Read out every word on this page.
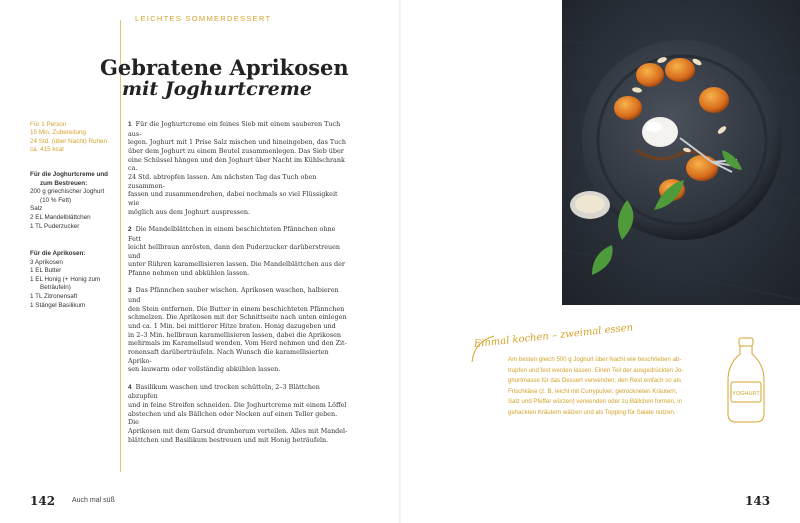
LEICHTES SOMMERDESSERT
Gebratene Aprikosen
mit Joghurtcreme
Für 1 Person
15 Min. Zubereitung
24 Std. (über Nacht) Ruhen
ca. 415 kcal
Für die Joghurtcreme und
zum Bestreuen:
200 g griechischer Joghurt
(10 % Fett)
Salz
2 EL Mandelblättchen
1 TL Puderzucker
Für die Aprikosen:
3 Aprikosen
1 EL Butter
1 EL Honig (+ Honig zum
Beträufeln)
1 TL Zitronensaft
1 Stängel Basilikum

1 Für die Joghurtcreme ein feines Sieb mit einem sauberen Tuch aus-
legen. Joghurt mit 1 Prise Salz mischen und hineingeben, das Tuch
über dem Joghurt zu einem Beutel zusammenlegen. Das Sieb über
eine Schüssel hängen und den Joghurt über Nacht im Kühlschrank ca.
24 Std. abtropfen lassen. Am nächsten Tag das Tuch oben zusammen-
fassen und zusammendrehen, dabei nochmals so viel Flüssigkeit wie
möglich aus dem Joghurt auspressen.

2 Die Mandelblättchen in einem beschichteten Pfännchen ohne Fett
leicht hellbraun anrösten, dann den Puderzucker darüberstreuen und
unter Rühren karamellisieren lassen. Die Mandelblättchen aus der
Pfanne nehmen und abkühlen lassen.

3 Das Pfännchen sauber wischen. Aprikosen waschen, halbieren und
den Stein entfernen. Die Butter in einem beschichteten Pfännchen
schmelzen. Die Aprikosen mit der Schnittseite nach unten einlegen
und ca. 1 Min. bei mittlerer Hitze braten. Honig dazugeben und
in 2–3 Min. hellbraun karamellisieren lassen, dabei die Aprikosen
mehrmals im Karamellsud wenden. Vom Herd nehmen und den Zit-
ronensaft darüberträufeln. Nach Wunsch die karamellisierten Aprikо-
sen lauwarm oder vollständig abkühlen lassen.

4 Basilikum waschen und trocken schütteln, 2–3 Blättchen abzupfen
und in feine Streifen schneiden. Die Joghurtcreme mit einem Löffel
abstechen und als Bällchen oder Nocken auf einen Teller geben. Die
Aprikosen mit dem Garsud drumherum verteilen. Alles mit Mandel-
blättchen und Basilikum bestreuen und mit Honig beträufeln.

142 Auch mal süß
Einmal kochen – zweimal essen
Am besten gleich 500 g Joghurt über Nacht wie beschrieben ab-
tropfen und fest werden lassen. Einen Teil der ausgedrückten Jo-
ghurtmasse für das Dessert verwenden; den Rest einfach so als
Frischkäse (z. B. leicht mit Currypulver, getrockneten Kräutern,
Salz und Pfeffer würzen) verwenden oder zu Bällchen formen, in
gehackten Kräutern wälzen und als Topping für Salate nutzen.
YOGHURT
143
